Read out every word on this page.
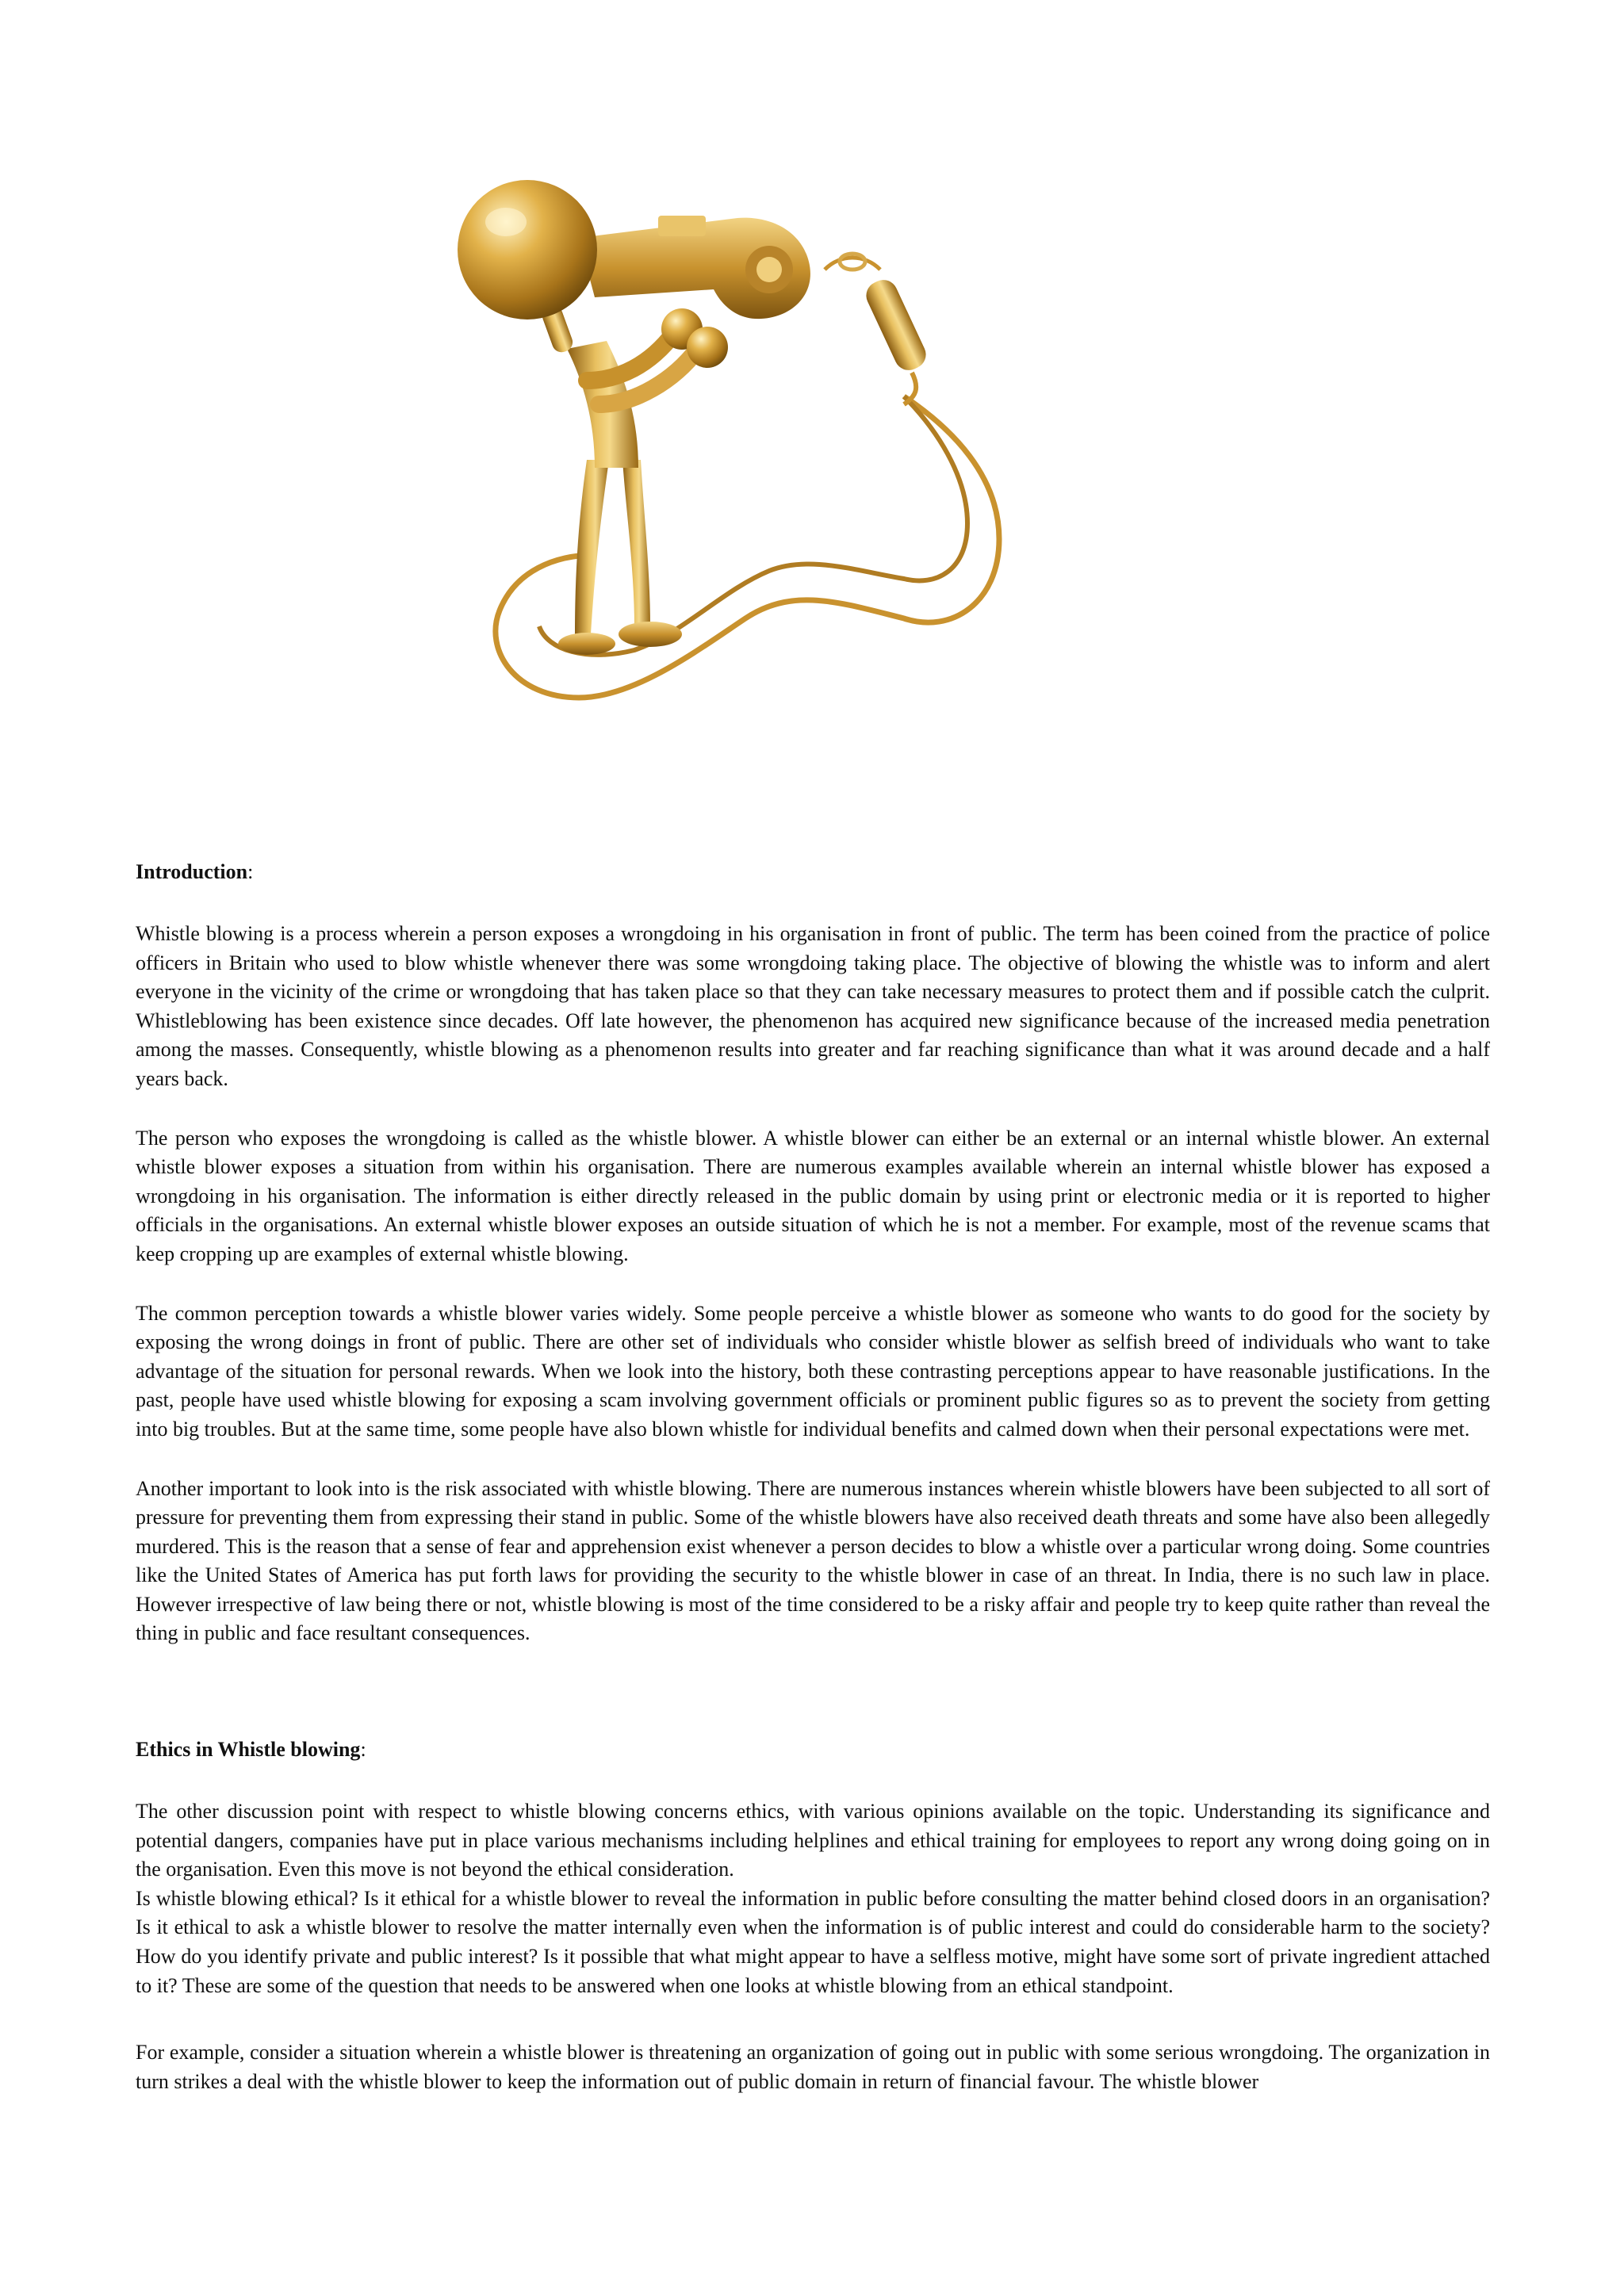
Introduction:

Whistle blowing is a process wherein a person exposes a wrongdoing in his organisation in front of public. The term has been coined from the practice of police officers in Britain who used to blow whistle whenever there was some wrongdoing taking place. The objective of blowing the whistle was to inform and alert everyone in the vicinity of the crime or wrongdoing that has taken place so that they can take necessary measures to protect them and if possible catch the culprit. Whistleblowing has been existence since decades. Off late however, the phenomenon has acquired new significance because of the increased media penetration among the masses. Consequently, whistle blowing as a phenomenon results into greater and far reaching significance than what it was around decade and a half years back.

The person who exposes the wrongdoing is called as the whistle blower. A whistle blower can either be an external or an internal whistle blower. An external whistle blower exposes a situation from within his organisation. There are numerous examples available wherein an internal whistle blower has exposed a wrongdoing in his organisation. The information is either directly released in the public domain by using print or electronic media or it is reported to higher officials in the organisations. An external whistle blower exposes an outside situation of which he is not a member. For example, most of the revenue scams that keep cropping up are examples of external whistle blowing.

The common perception towards a whistle blower varies widely. Some people perceive a whistle blower as someone who wants to do good for the society by exposing the wrong doings in front of public. There are other set of individuals who consider whistle blower as selfish breed of individuals who want to take advantage of the situation for personal rewards. When we look into the history, both these contrasting perceptions appear to have reasonable justifications. In the past, people have used whistle blowing for exposing a scam involving government officials or prominent public figures so as to prevent the society from getting into big troubles. But at the same time, some people have also blown whistle for individual benefits and calmed down when their personal expectations were met.

Another important to look into is the risk associated with whistle blowing. There are numerous instances wherein whistle blowers have been subjected to all sort of pressure for preventing them from expressing their stand in public. Some of the whistle blowers have also received death threats and some have also been allegedly murdered. This is the reason that a sense of fear and apprehension exist whenever a person decides to blow a whistle over a particular wrong doing. Some countries like the United States of America has put forth laws for providing the security to the whistle blower in case of an threat. In India, there is no such law in place. However irrespective of law being there or not, whistle blowing is most of the time considered to be a risky affair and people try to keep quite rather than reveal the thing in public and face resultant consequences.

Ethics in Whistle blowing:

The other discussion point with respect to whistle blowing concerns ethics, with various opinions available on the topic. Understanding its significance and potential dangers, companies have put in place various mechanisms including helplines and ethical training for employees to report any wrong doing going on in the organisation. Even this move is not beyond the ethical consideration.

Is whistle blowing ethical? Is it ethical for a whistle blower to reveal the information in public before consulting the matter behind closed doors in an organisation? Is it ethical to ask a whistle blower to resolve the matter internally even when the information is of public interest and could do considerable harm to the society? How do you identify private and public interest? Is it possible that what might appear to have a selfless motive, might have some sort of private ingredient attached to it? These are some of the question that needs to be answered when one looks at whistle blowing from an ethical standpoint.

For example, consider a situation wherein a whistle blower is threatening an organization of going out in public with some serious wrongdoing. The organization in turn strikes a deal with the whistle blower to keep the information out of public domain in return of financial favour. The whistle blower
